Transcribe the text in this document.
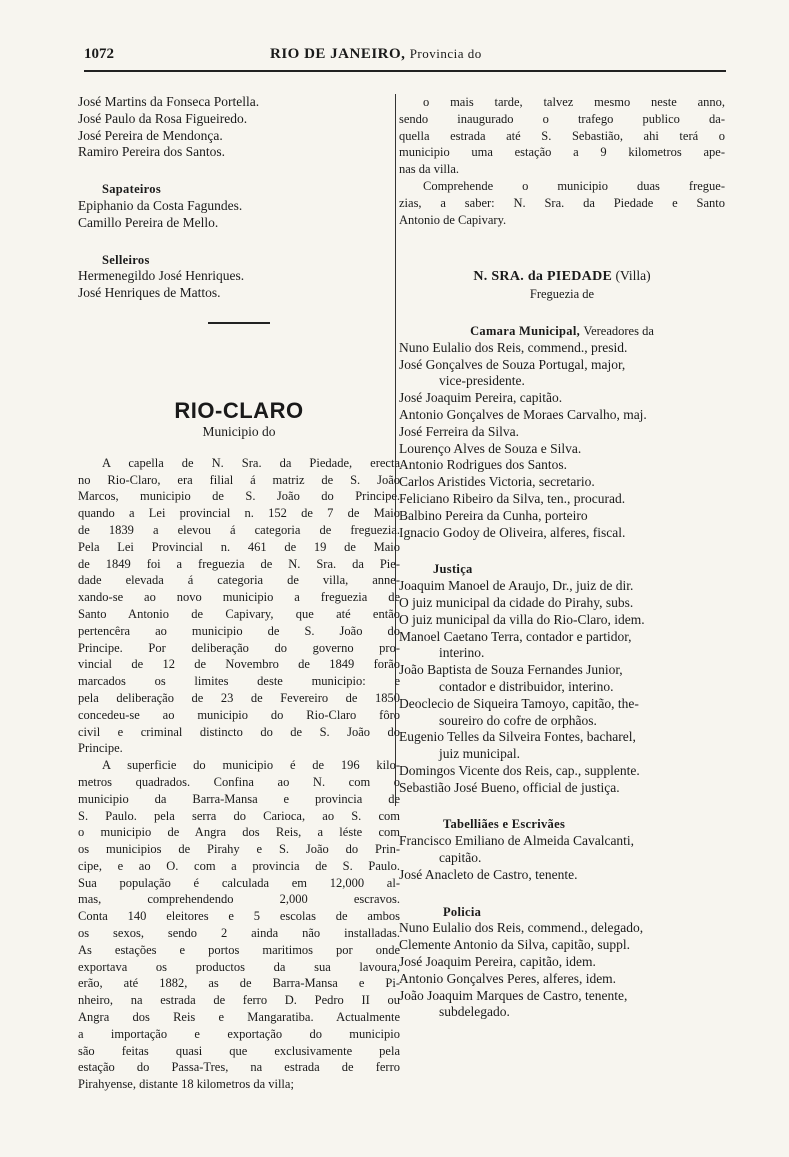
1072	RIO DE JANEIRO, Provincia do
José Martins da Fonseca Portella.
José Paulo da Rosa Figueiredo.
José Pereira de Mendonça.
Ramiro Pereira dos Santos.
Sapateiros
Epiphanio da Costa Fagundes.
Camillo Pereira de Mello.
Selleiros
Hermenegildo José Henriques.
José Henriques de Mattos.
RIO-CLARO
Municipio do
A capella de N. Sra. da Piedade, erecta
no Rio-Claro, era filial á matriz de S. João
Marcos, municipio de S. João do Principe.
quando a Lei provincial n. 152 de 7 de Maio
de 1839 a elevou á categoria de freguezia.
Pela Lei Provincial n. 461 de 19 de Maio
de 1849 foi a freguezia de N. Sra. da Pie-
dade elevada á categoria de villa, anne-
xando-se ao novo municipio a freguezia de
Santo Antonio de Capivary, que até então
pertencêra ao municipio de S. João do
Principe. Por deliberação do governo pro-
vincial de 12 de Novembro de 1849 forão
marcados os limites deste municipio: e
pela deliberação de 23 de Fevereiro de 1850
concedeu-se ao municipio do Rio-Claro fôro
civil e criminal distincto do de S. João do
Principe.
A superficie do municipio é de 196 kilo-
metros quadrados. Confina ao N. com o
municipio da Barra-Mansa e provincia de
S. Paulo. pela serra do Carioca, ao S. com
o municipio de Angra dos Reis, a léste com
os municipios de Pirahy e S. João do Prin-
cipe, e ao O. com a provincia de S. Paulo.
Sua população é calculada em 12,000 al-
mas, comprehendendo 2,000 escravos.
Conta 140 eleitores e 5 escolas de ambos
os sexos, sendo 2 ainda não installadas.
As estações e portos maritimos por onde
exportava os productos da sua lavoura,
erão, até 1882, as de Barra-Mansa e Pi-
nheiro, na estrada de ferro D. Pedro II ou
Angra dos Reis e Mangaratiba. Actualmente
a importação e exportação do municipio
são feitas quasi que exclusivamente pela
estação do Passa-Tres, na estrada de ferro
Pirahyense, distante 18 kilometros da villa;
o mais tarde, talvez mesmo neste anno,
sendo inaugurado o trafego publico da-
quella estrada até S. Sebastião, ahi terá o
municipio uma estação a 9 kilometros ape-
nas da villa.
Comprehende o municipio duas fregue-
zias, a saber: N. Sra. da Piedade e Santo
Antonio de Capivary.
N. SRA. da PIEDADE (Villa)
Freguezia de
Camara Municipal, Vereadores da
Nuno Eulalio dos Reis, commend., presid.
José Gonçalves de Souza Portugal, major,
vice-presidente.
José Joaquim Pereira, capitão.
Antonio Gonçalves de Moraes Carvalho, maj.
José Ferreira da Silva.
Lourenço Alves de Souza e Silva.
Antonio Rodrigues dos Santos.
Carlos Aristides Victoria, secretario.
Feliciano Ribeiro da Silva, ten., procurad.
Balbino Pereira da Cunha, porteiro
Ignacio Godoy de Oliveira, alferes, fiscal.
Justiça
Joaquim Manoel de Araujo, Dr., juiz de dir.
O juiz municipal da cidade do Pirahy, subs.
O juiz municipal da villa do Rio-Claro, idem.
Manoel Caetano Terra, contador e partidor,
interino.
João Baptista de Souza Fernandes Junior,
contador e distribuidor, interino.
Deoclecio de Siqueira Tamoyo, capitão, the-
soureiro do cofre de orphãos.
Eugenio Telles da Silveira Fontes, bacharel,
juiz municipal.
Domingos Vicente dos Reis, cap., supplente.
Sebastião José Bueno, official de justiça.
Tabelliães e Escrivães
Francisco Emiliano de Almeida Cavalcanti,
capitão.
José Anacleto de Castro, tenente.
Policia
Nuno Eulalio dos Reis, commend., delegado,
Clemente Antonio da Silva, capitão, suppl.
José Joaquim Pereira, capitão, idem.
Antonio Gonçalves Peres, alferes, idem.
João Joaquim Marques de Castro, tenente,
subdelegado.
